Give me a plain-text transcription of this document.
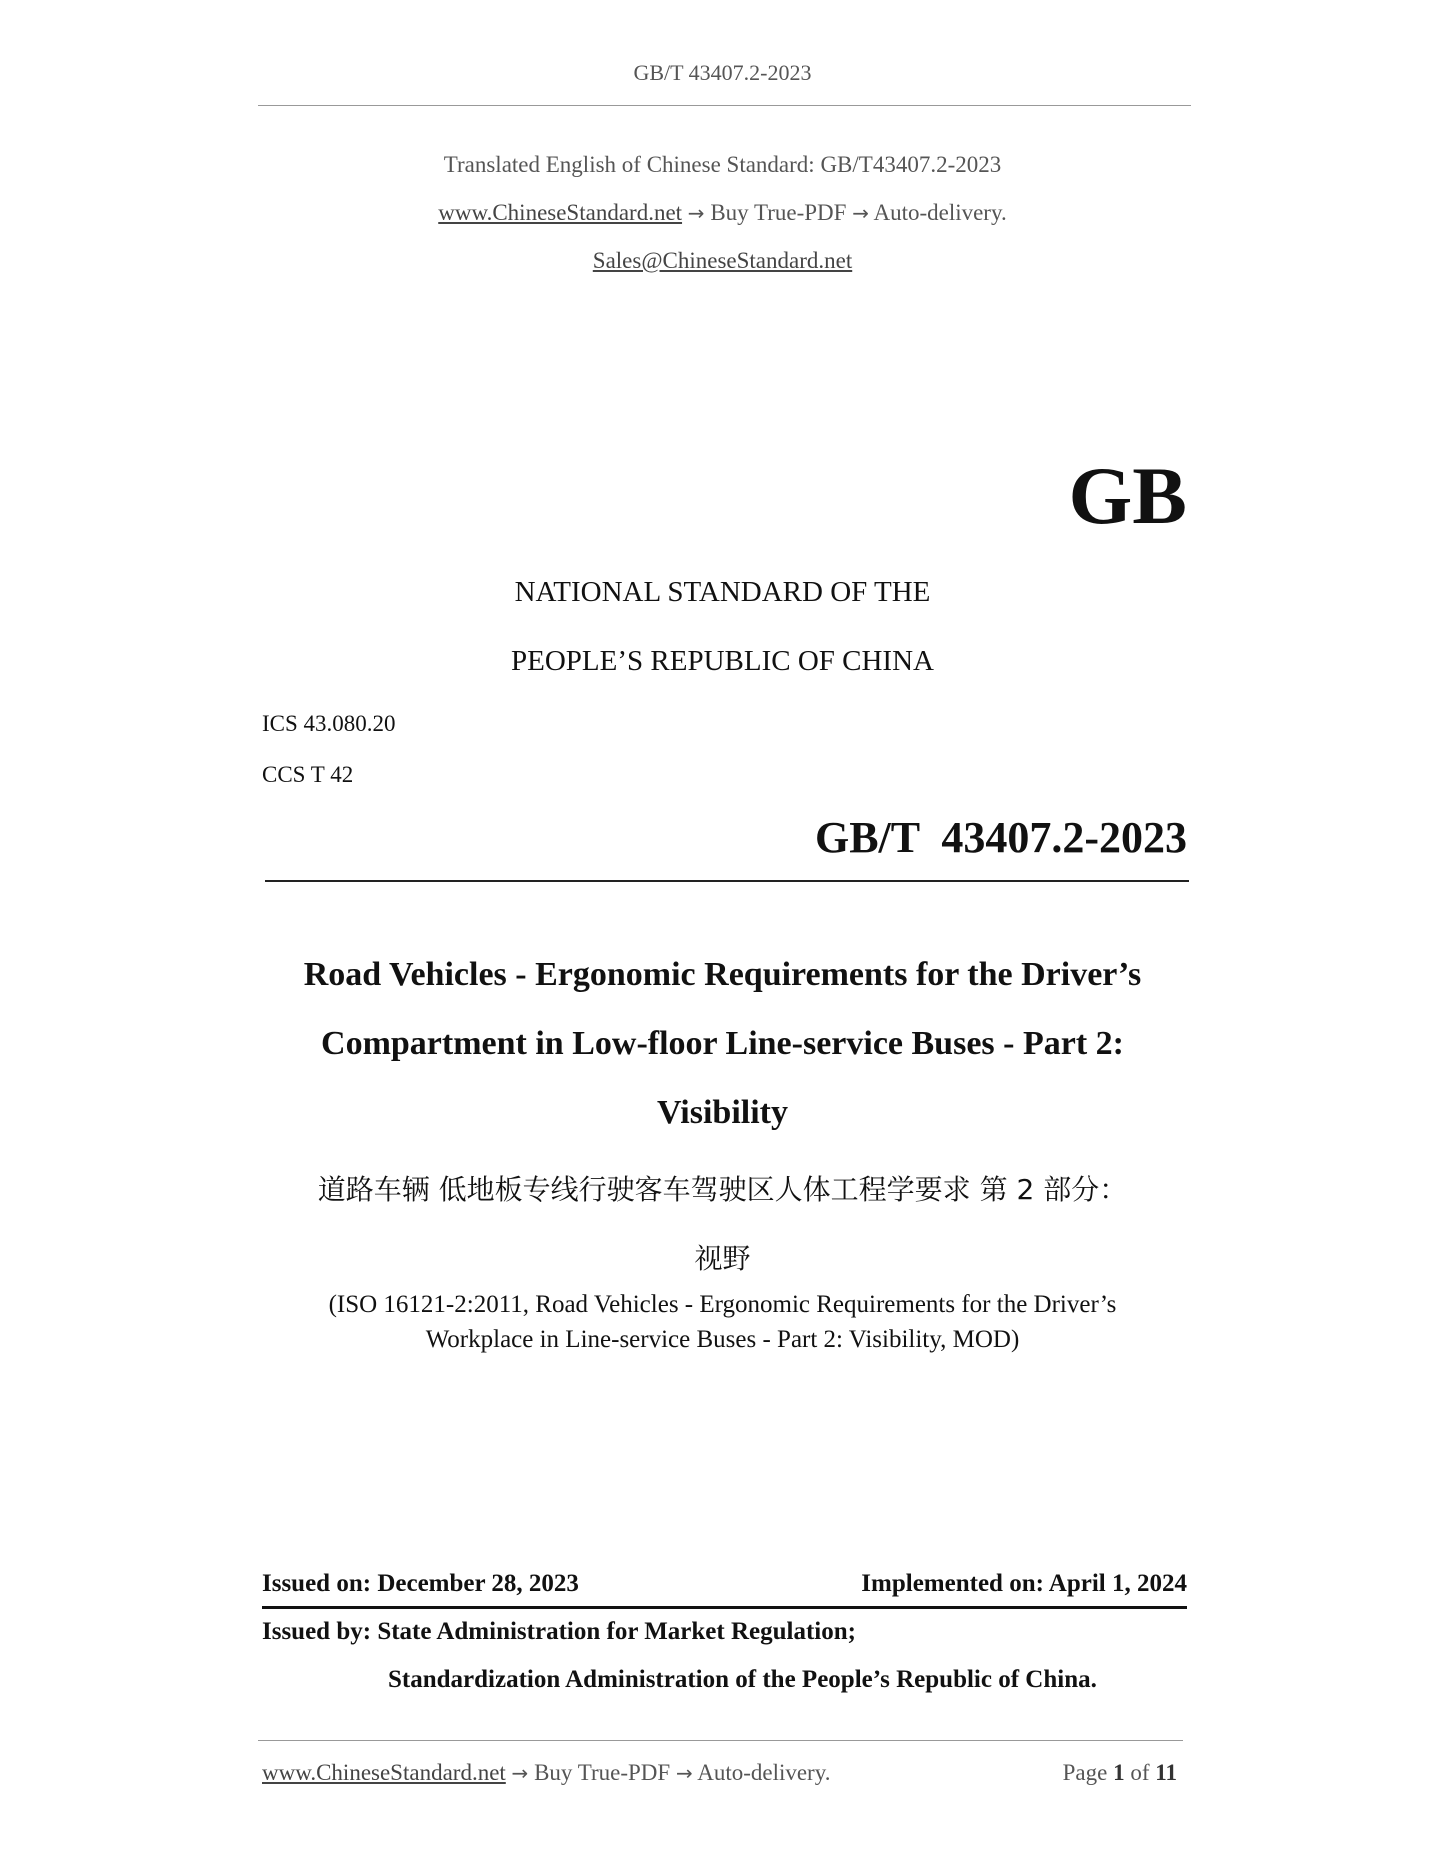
GB/T 43407.2-2023
Translated English of Chinese Standard: GB/T43407.2-2023
www.ChineseStandard.net → Buy True-PDF → Auto-delivery.
Sales@ChineseStandard.net
GB
NATIONAL STANDARD OF THE
PEOPLE’S REPUBLIC OF CHINA
ICS 43.080.20
CCS T 42
GB/T  43407.2-2023
Road Vehicles - Ergonomic Requirements for the Driver’s
Compartment in Low-floor Line-service Buses - Part 2:
Visibility
道路车辆 低地板专线行驶客车驾驶区人体工程学要求 第 2 部分：
视野
(ISO 16121-2:2011, Road Vehicles - Ergonomic Requirements for the Driver’s
Workplace in Line-service Buses - Part 2: Visibility, MOD)
Issued on: December 28, 2023	Implemented on: April 1, 2024
Issued by: State Administration for Market Regulation;
Standardization Administration of the People’s Republic of China.
www.ChineseStandard.net → Buy True-PDF → Auto-delivery.	Page 1 of 11
